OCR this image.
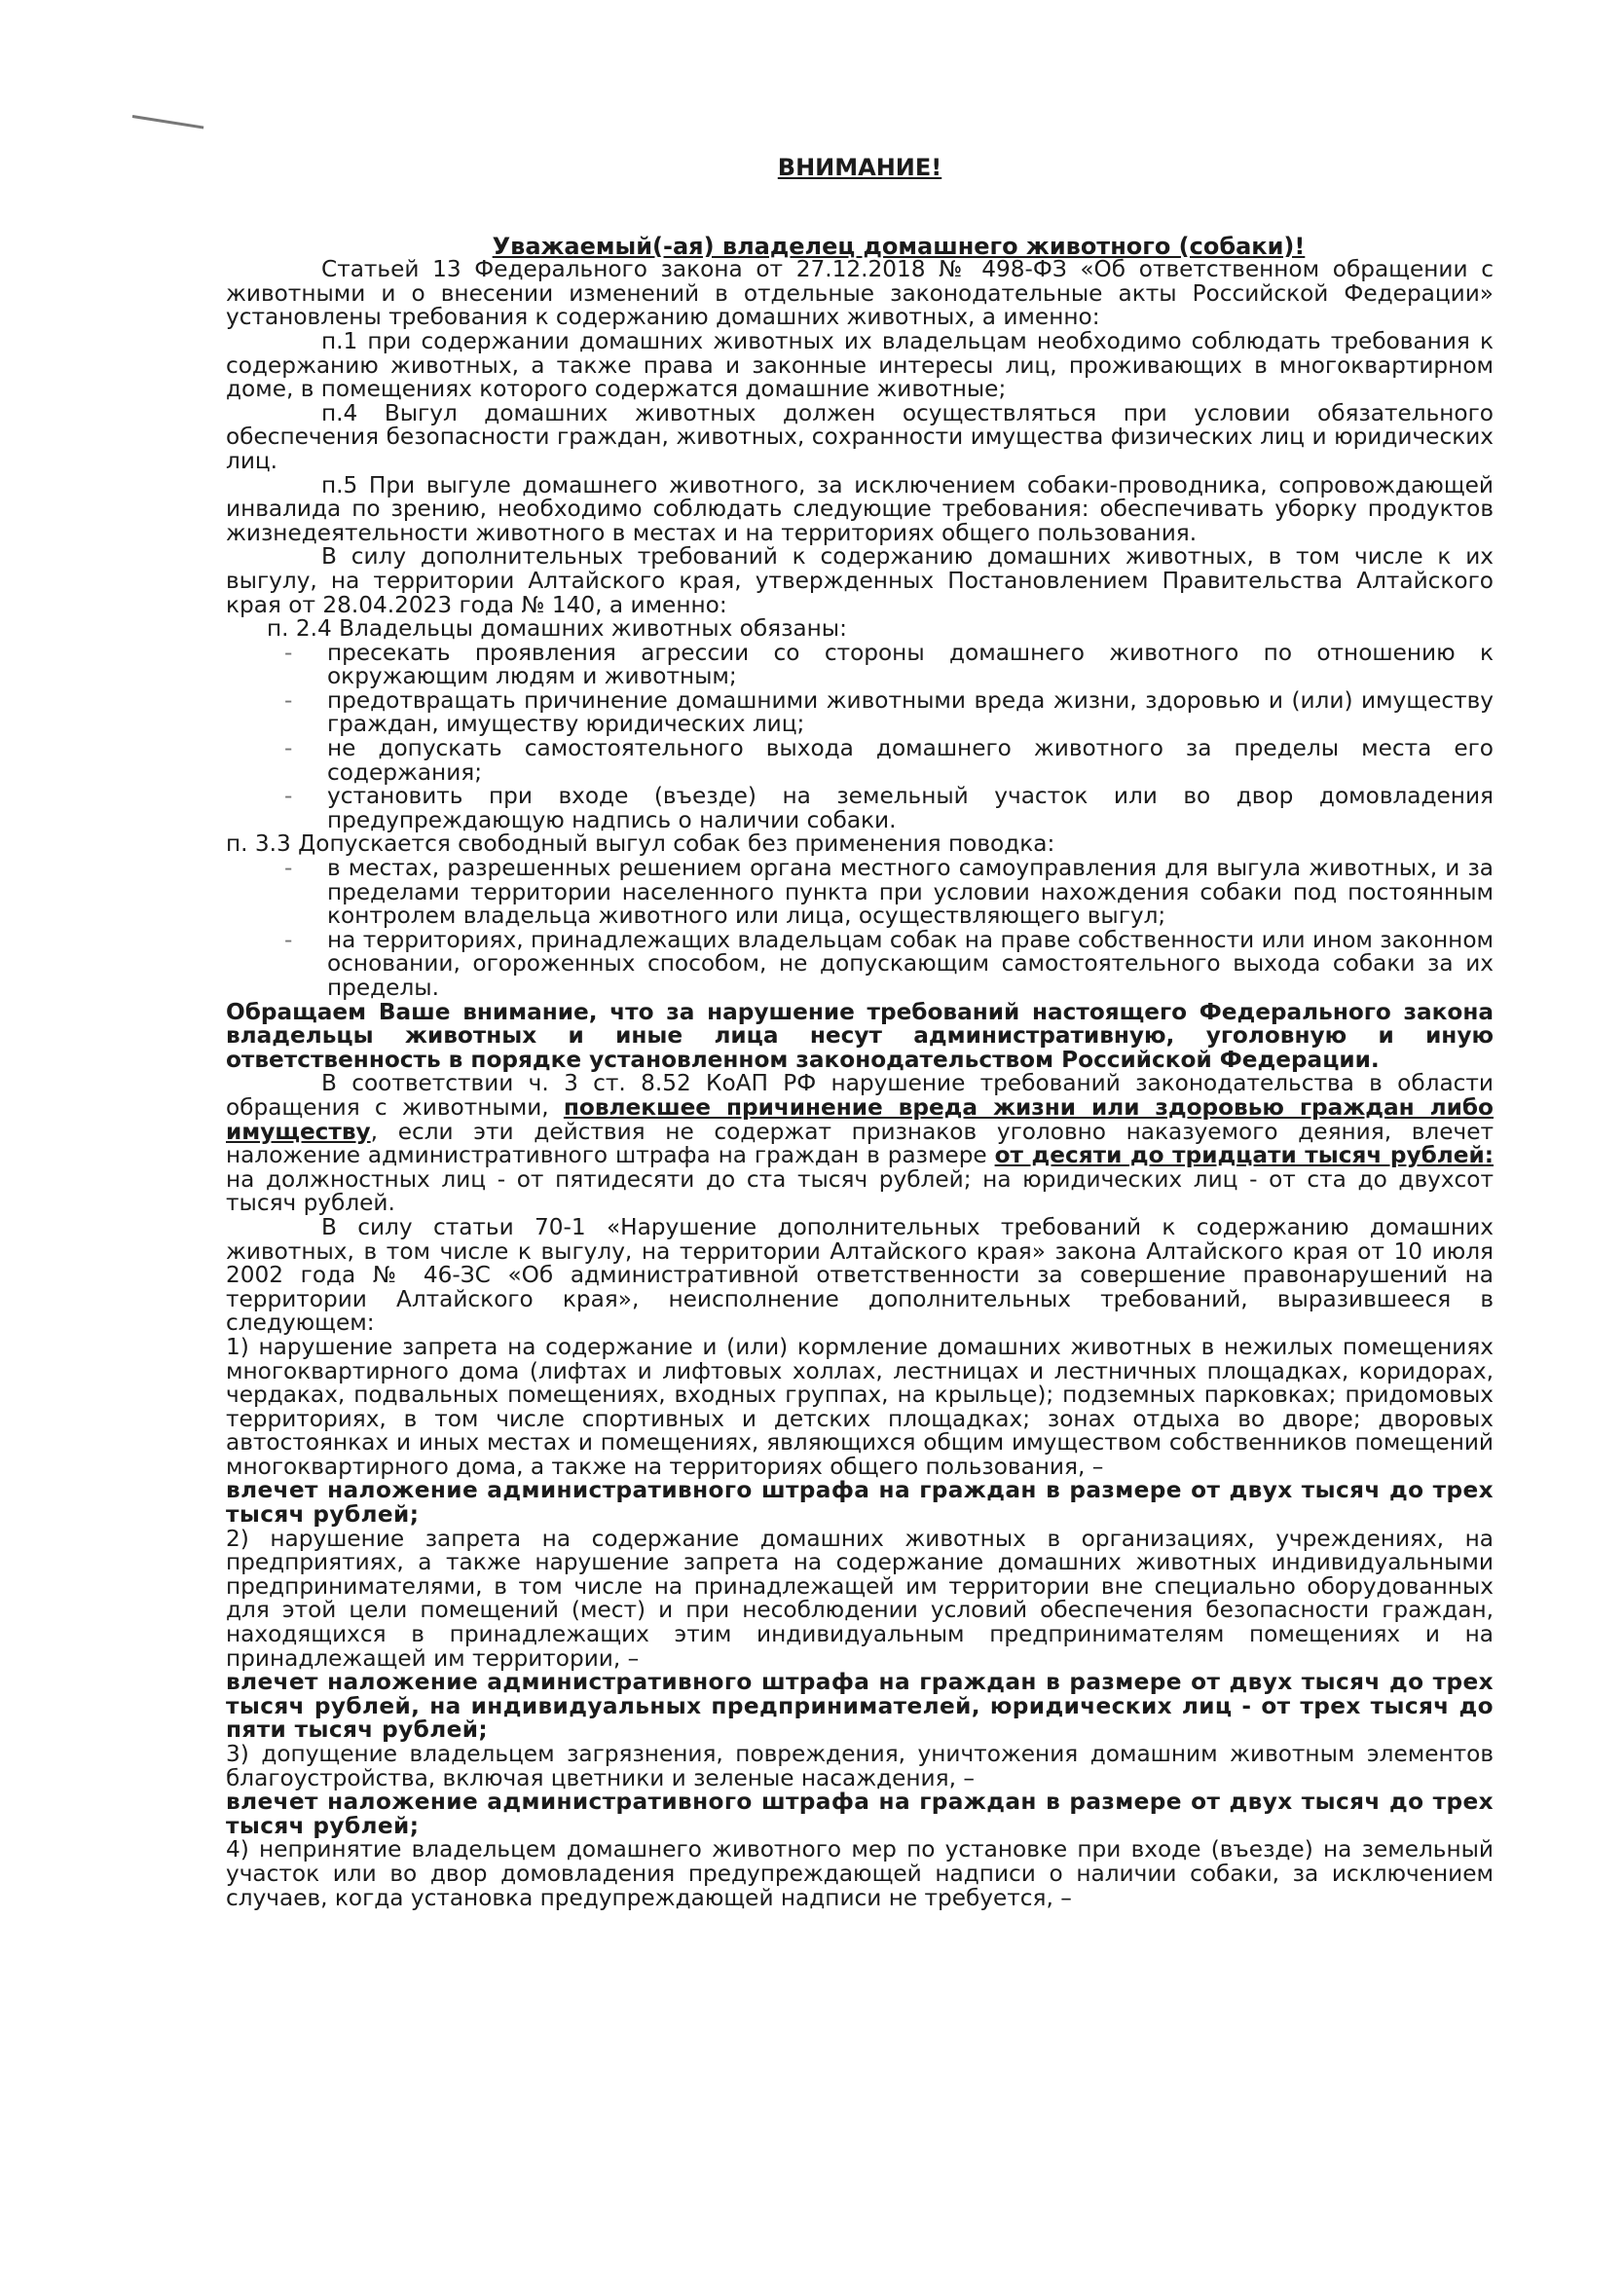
ВНИМАНИЕ!

Уважаемый(-ая) владелец домашнего животного (собаки)!

Статьей 13 Федерального закона от 27.12.2018 № 498-ФЗ «Об ответственном обращении с животными и о внесении изменений в отдельные законодательные акты Российской Федерации» установлены требования к содержанию домашних животных, а именно:

п.1 при содержании домашних животных их владельцам необходимо соблюдать требования к содержанию животных, а также права и законные интересы лиц, проживающих в многоквартирном доме, в помещениях которого содержатся домашние животные;

п.4 Выгул домашних животных должен осуществляться при условии обязательного обеспечения безопасности граждан, животных, сохранности имущества физических лиц и юридических лиц.

п.5 При выгуле домашнего животного, за исключением собаки-проводника, сопровождающей инвалида по зрению, необходимо соблюдать следующие требования: обеспечивать уборку продуктов жизнедеятельности животного в местах и на территориях общего пользования.

В силу дополнительных требований к содержанию домашних животных, в том числе к их выгулу, на территории Алтайского края, утвержденных Постановлением Правительства Алтайского края от 28.04.2023 года № 140, а именно:

п. 2.4 Владельцы домашних животных обязаны:

- пресекать проявления агрессии со стороны домашнего животного по отношению к окружающим людям и животным;
- предотвращать причинение домашними животными вреда жизни, здоровью и (или) имуществу граждан, имуществу юридических лиц;
- не допускать самостоятельного выхода домашнего животного за пределы места его содержания;
- установить при входе (въезде) на земельный участок или во двор домовладения предупреждающую надпись о наличии собаки.

п. 3.3 Допускается свободный выгул собак без применения поводка:

- в местах, разрешенных решением органа местного самоуправления для выгула животных, и за пределами территории населенного пункта при условии нахождения собаки под постоянным контролем владельца животного или лица, осуществляющего выгул;
- на территориях, принадлежащих владельцам собак на праве собственности или ином законном основании, огороженных способом, не допускающим самостоятельного выхода собаки за их пределы.

Обращаем Ваше внимание, что за нарушение требований настоящего Федерального закона владельцы животных и иные лица несут административную, уголовную и иную ответственность в порядке установленном законодательством Российской Федерации.

В соответствии ч. 3 ст. 8.52 КоАП РФ нарушение требований законодательства в области обращения с животными, повлекшее причинение вреда жизни или здоровью граждан либо имуществу, если эти действия не содержат признаков уголовно наказуемого деяния, влечет наложение административного штрафа на граждан в размере от десяти до тридцати тысяч рублей: на должностных лиц - от пятидесяти до ста тысяч рублей; на юридических лиц - от ста до двухсот тысяч рублей.

В силу статьи 70-1 «Нарушение дополнительных требований к содержанию домашних животных, в том числе к выгулу, на территории Алтайского края» закона Алтайского края от 10 июля 2002 года № 46-ЗС «Об административной ответственности за совершение правонарушений на территории Алтайского края», неисполнение дополнительных требований, выразившееся в следующем:

1) нарушение запрета на содержание и (или) кормление домашних животных в нежилых помещениях многоквартирного дома (лифтах и лифтовых холлах, лестницах и лестничных площадках, коридорах, чердаках, подвальных помещениях, входных группах, на крыльце); подземных парковках; придомовых территориях, в том числе спортивных и детских площадках; зонах отдыха во дворе; дворовых автостоянках и иных местах и помещениях, являющихся общим имуществом собственников помещений многоквартирного дома, а также на территориях общего пользования, –

влечет наложение административного штрафа на граждан в размере от двух тысяч до трех тысяч рублей;

2) нарушение запрета на содержание домашних животных в организациях, учреждениях, на предприятиях, а также нарушение запрета на содержание домашних животных индивидуальными предпринимателями, в том числе на принадлежащей им территории вне специально оборудованных для этой цели помещений (мест) и при несоблюдении условий обеспечения безопасности граждан, находящихся в принадлежащих этим индивидуальным предпринимателям помещениях и на принадлежащей им территории, –

влечет наложение административного штрафа на граждан в размере от двух тысяч до трех тысяч рублей, на индивидуальных предпринимателей, юридических лиц - от трех тысяч до пяти тысяч рублей;

3) допущение владельцем загрязнения, повреждения, уничтожения домашним животным элементов благоустройства, включая цветники и зеленые насаждения, –

влечет наложение административного штрафа на граждан в размере от двух тысяч до трех тысяч рублей;

4) непринятие владельцем домашнего животного мер по установке при входе (въезде) на земельный участок или во двор домовладения предупреждающей надписи о наличии собаки, за исключением случаев, когда установка предупреждающей надписи не требуется, –
